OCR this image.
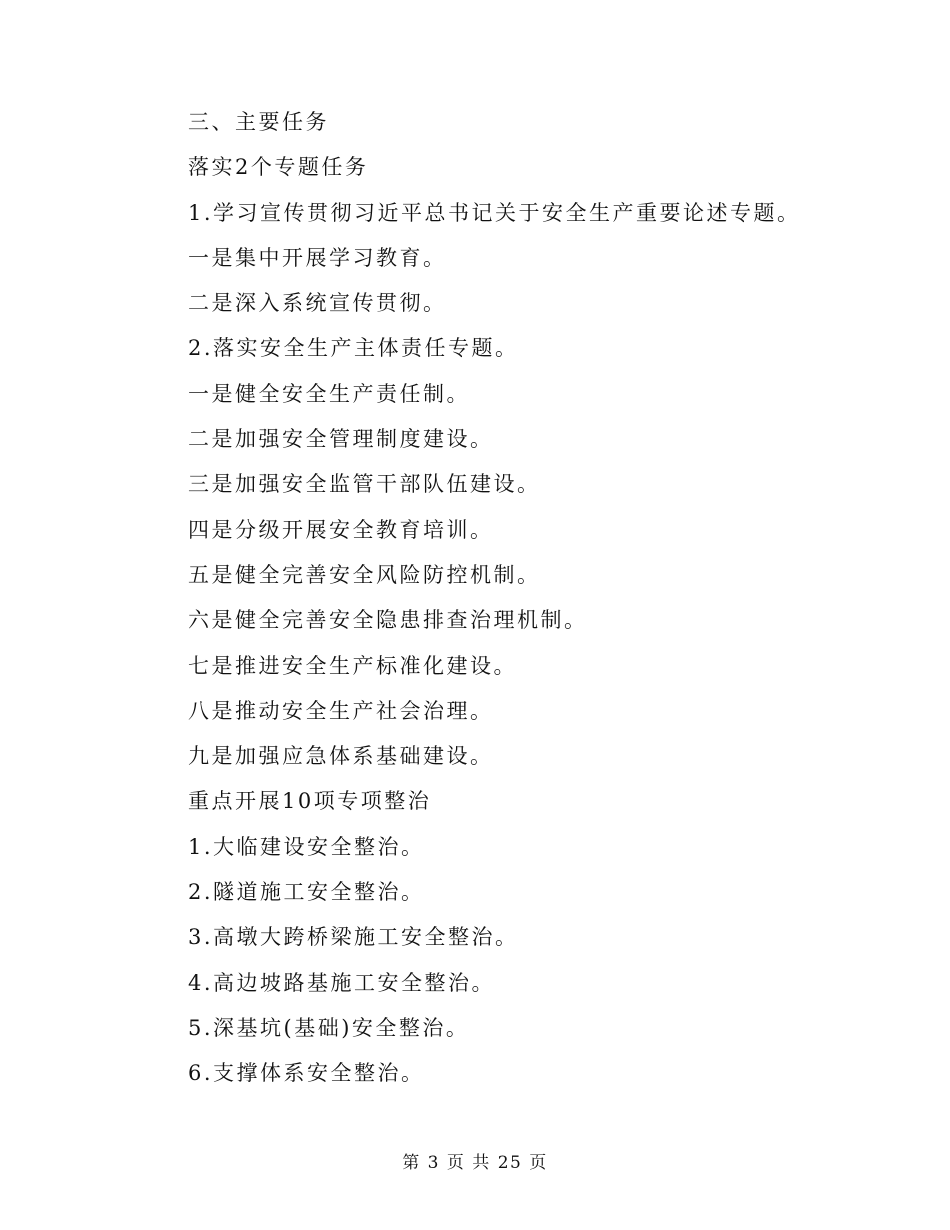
三、主要任务
落实2个专题任务
1.学习宣传贯彻习近平总书记关于安全生产重要论述专题。
一是集中开展学习教育。
二是深入系统宣传贯彻。
2.落实安全生产主体责任专题。
一是健全安全生产责任制。
二是加强安全管理制度建设。
三是加强安全监管干部队伍建设。
四是分级开展安全教育培训。
五是健全完善安全风险防控机制。
六是健全完善安全隐患排查治理机制。
七是推进安全生产标准化建设。
八是推动安全生产社会治理。
九是加强应急体系基础建设。
重点开展10项专项整治
1.大临建设安全整治。
2.隧道施工安全整治。
3.高墩大跨桥梁施工安全整治。
4.高边坡路基施工安全整治。
5.深基坑(基础)安全整治。
6.支撑体系安全整治。
第 3 页 共 25 页
